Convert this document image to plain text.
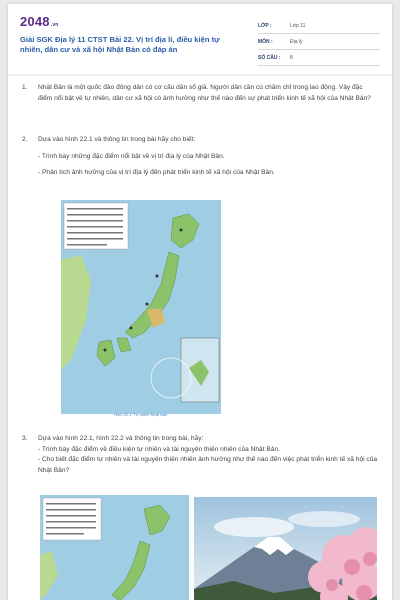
2048.vn
Giải SGK Địa lý 11 CTST Bài 22. Vị trí địa lí, điều kiện tự nhiên, dân cư và xã hội Nhật Bản có đáp án
LỚP :	Lớp 11
MÔN :	Địa lý
SỐ CÂU :	8
1. Nhật Bản là một quốc đảo đông dân có cơ cấu dân số già. Người dân cần cù chăm chỉ trong lao động. Vậy đặc điểm nổi bật về tự nhiên, dân cư xã hội có ảnh hưởng như thế nào đến sự phát triển kinh tế xã hội của Nhật Bản?

2. Dựa vào hình 22.1 và thông tin trong bài hãy cho biết:

- Trình bày những đặc điểm nổi bật về vị trí địa lý của Nhật Bản.

- Phân tích ảnh hưởng của vị trí địa lý đến phát triển kinh tế xã hội của Nhật Bản.

Hình 22.1. Tự nhiên Nhật Bản
3. Dựa vào hình 22.1, hình 22.2 và thông tin trong bài, hãy:

- Trình bày đặc điểm về điều kiện tự nhiên và tài nguyên thiên nhiên của Nhật Bản.

- Cho biết đặc điểm tự nhiên và tài nguyên thiên nhiên ảnh hưởng như thế nào đến việc phát triển kinh tế xã hội của Nhật Bản?
